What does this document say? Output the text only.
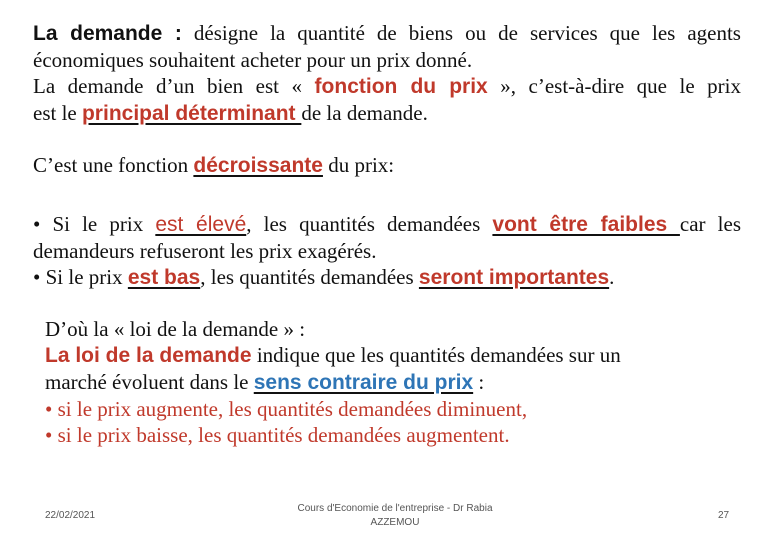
La demande : désigne la quantité de biens ou de services que les agents
économiques souhaitent acheter pour un prix donné.
La demande d’un bien est « fonction du prix », c’est-à-dire que le prix
est le principal déterminant de la demande.
C’est une fonction décroissante du prix:
• Si le prix est élevé, les quantités demandées vont être faibles car les
demandeurs refuseront les prix exagérés.
• Si le prix est bas, les quantités demandées seront importantes.
D’où la « loi de la demande » :
La loi de la demande indique que les quantités demandées sur un
marché évoluent dans le sens contraire du prix :
• si le prix augmente, les quantités demandées diminuent,
• si le prix baisse, les quantités demandées augmentent.
22/02/2021
Cours d'Economie de l'entreprise - Dr Rabia
AZZEMOU
27
